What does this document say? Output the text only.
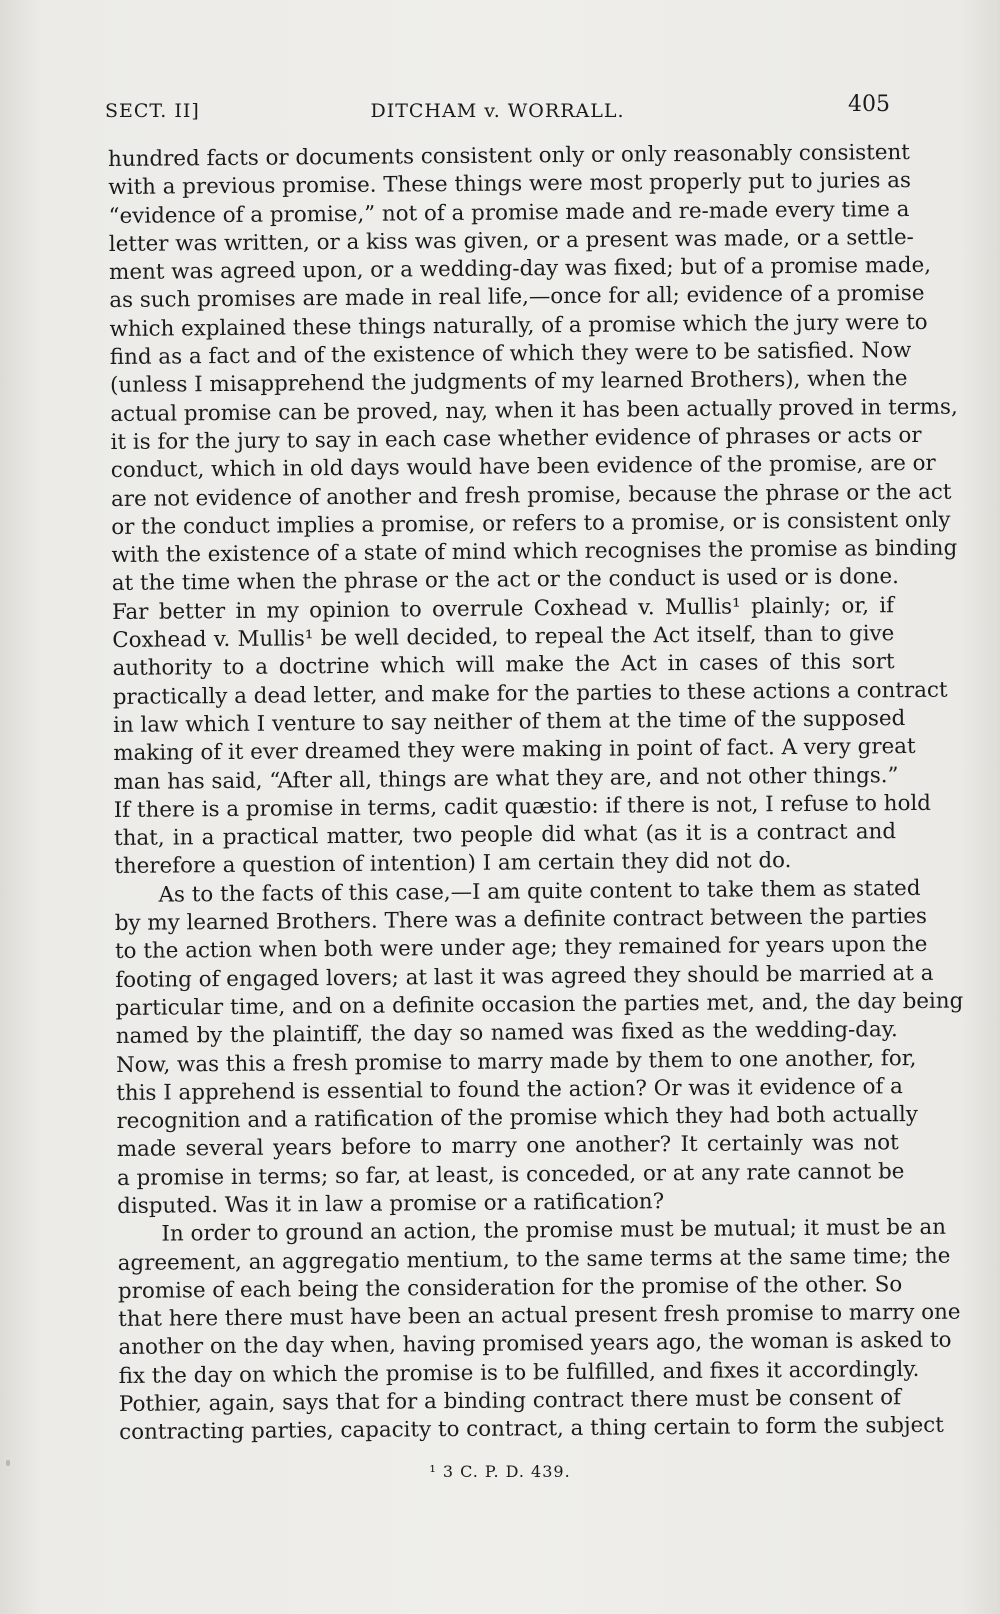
SECT. II]	DITCHAM v. WORRALL.	405
hundred facts or documents consistent only or only reasonably consistent
with a previous promise. These things were most properly put to juries as
“evidence of a promise,” not of a promise made and re-made every time a
letter was written, or a kiss was given, or a present was made, or a settle-
ment was agreed upon, or a wedding-day was fixed; but of a promise made,
as such promises are made in real life,—once for all; evidence of a promise
which explained these things naturally, of a promise which the jury were to
find as a fact and of the existence of which they were to be satisfied. Now
(unless I misapprehend the judgments of my learned Brothers), when the
actual promise can be proved, nay, when it has been actually proved in terms,
it is for the jury to say in each case whether evidence of phrases or acts or
conduct, which in old days would have been evidence of the promise, are or
are not evidence of another and fresh promise, because the phrase or the act
or the conduct implies a promise, or refers to a promise, or is consistent only
with the existence of a state of mind which recognises the promise as binding
at the time when the phrase or the act or the conduct is used or is done.
Far better in my opinion to overrule Coxhead v. Mullis¹ plainly; or, if
Coxhead v. Mullis¹ be well decided, to repeal the Act itself, than to give
authority to a doctrine which will make the Act in cases of this sort
practically a dead letter, and make for the parties to these actions a contract
in law which I venture to say neither of them at the time of the supposed
making of it ever dreamed they were making in point of fact. A very great
man has said, “After all, things are what they are, and not other things.”
If there is a promise in terms, cadit quæstio: if there is not, I refuse to hold
that, in a practical matter, two people did what (as it is a contract and
therefore a question of intention) I am certain they did not do.
As to the facts of this case,—I am quite content to take them as stated
by my learned Brothers. There was a definite contract between the parties
to the action when both were under age; they remained for years upon the
footing of engaged lovers; at last it was agreed they should be married at a
particular time, and on a definite occasion the parties met, and, the day being
named by the plaintiff, the day so named was fixed as the wedding-day.
Now, was this a fresh promise to marry made by them to one another, for,
this I apprehend is essential to found the action? Or was it evidence of a
recognition and a ratification of the promise which they had both actually
made several years before to marry one another? It certainly was not
a promise in terms; so far, at least, is conceded, or at any rate cannot be
disputed. Was it in law a promise or a ratification?
In order to ground an action, the promise must be mutual; it must be an
agreement, an aggregatio mentium, to the same terms at the same time; the
promise of each being the consideration for the promise of the other. So
that here there must have been an actual present fresh promise to marry one
another on the day when, having promised years ago, the woman is asked to
fix the day on which the promise is to be fulfilled, and fixes it accordingly.
Pothier, again, says that for a binding contract there must be consent of
contracting parties, capacity to contract, a thing certain to form the subject
¹ 3 C. P. D. 439.
